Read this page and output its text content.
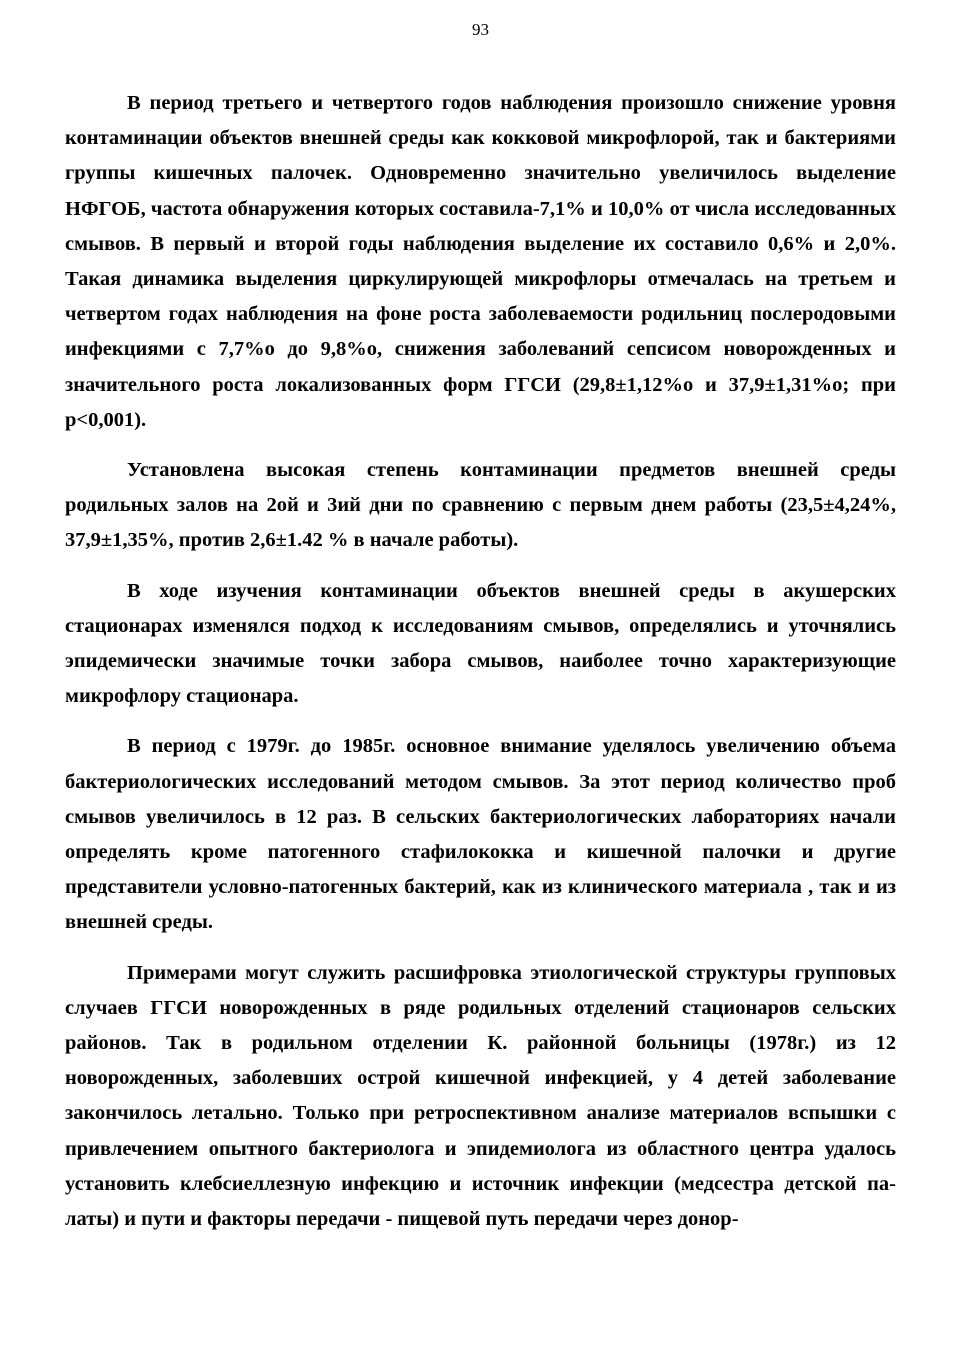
93

В период третьего и четвертого годов наблюдения произошло снижение уровня контаминации объектов внешней среды как кокковой микрофлорой, так и бактериями группы кишечных палочек. Одновременно значительно увеличилось выделение НФГОБ, частота обнаружения которых составила-7,1% и 10,0% от числа исследованных смывов. В первый и второй годы наблюдения выделение их составило 0,6% и 2,0%. Такая динамика выделения циркулирующей микрофлоры отмечалась на третьем и четвертом годах наблюдения на фоне роста заболеваемости родильниц послеродовыми инфекциями с 7,7%о до 9,8%о, снижения заболеваний сепсисом новорожденных и значительного роста локализованных форм ГГСИ (29,8±1,12%о и 37,9±1,31%о; при р<0,001).

Установлена высокая степень контаминации предметов внешней среды родильных залов на 2ой и 3ий дни по сравнению с первым днем работы (23,5±4,24%, 37,9±1,35%, против 2,6±1.42 % в начале работы).

В ходе изучения контаминации объектов внешней среды в акушерских стационарах изменялся подход к исследованиям смывов, определялись и уточнялись эпидемически значимые точки забора смывов, наиболее точно характеризующие микрофлору стационара.

В период с 1979г. до 1985г. основное внимание уделялось увеличению объема бактериологических исследований методом смывов. За этот период количество проб смывов увеличилось в 12 раз. В сельских бактериологических лабораториях начали определять кроме патогенного стафилококка и кишечной палочки и другие представители условно-патогенных бактерий, как из клинического материала , так и из внешней среды.

Примерами могут служить расшифровка этиологической структуры групповых случаев ГГСИ новорожденных в ряде родильных отделений стационаров сельских районов. Так в родильном отделении К. районной больницы (1978г.) из 12 новорожденных, заболевших острой кишечной инфекцией, у 4 детей заболевание закончилось летально. Только при ретроспективном анализе материалов вспышки с привлечением опытного бактериолога и эпидемиолога из областного центра удалось установить клебсиеллезную инфекцию и источник инфекции (медсестра детской палаты) и пути и факторы передачи - пищевой путь передачи через донор-
